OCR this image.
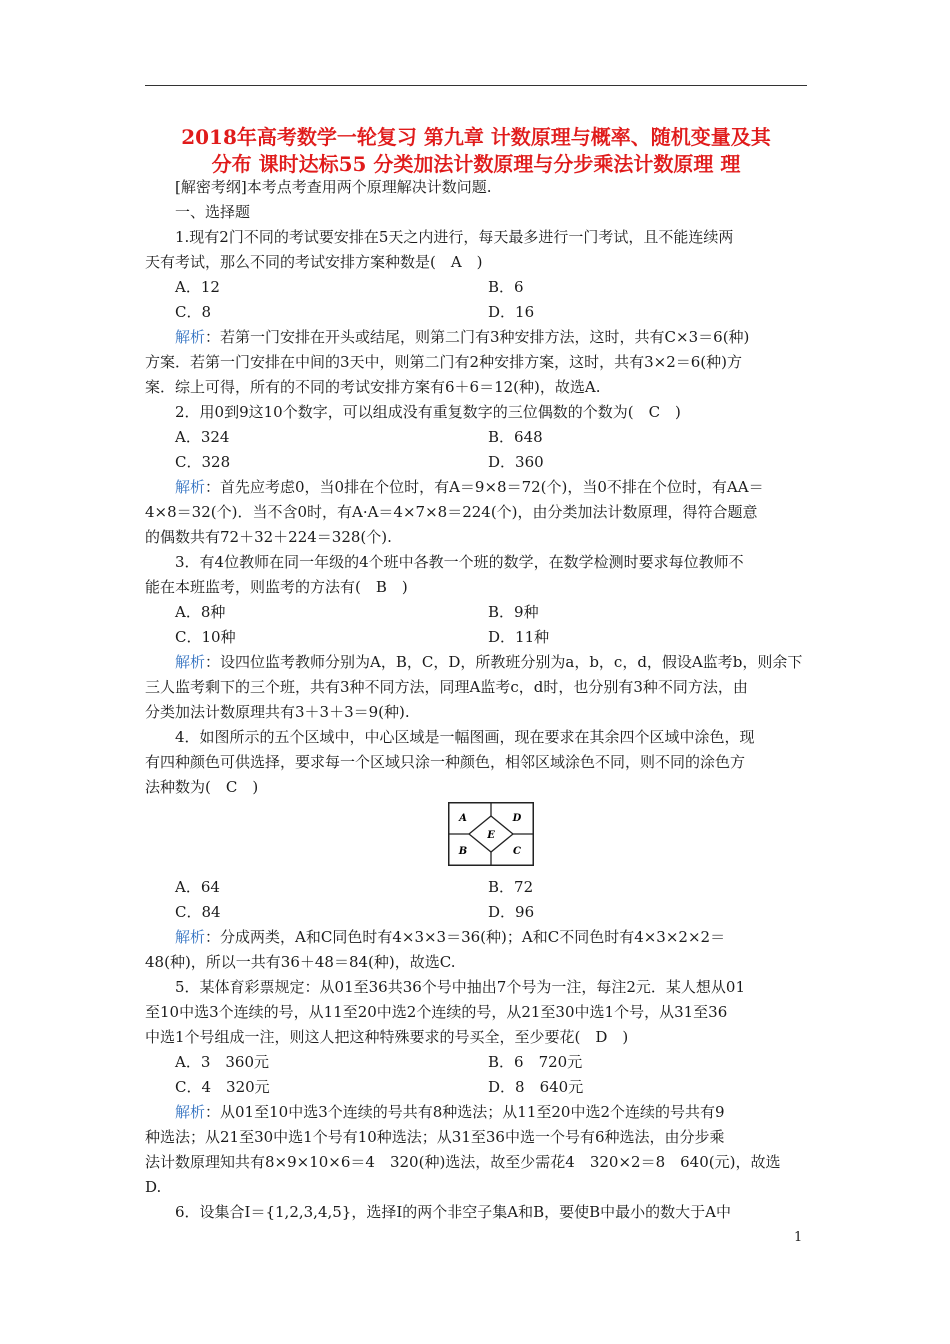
2018年高考数学一轮复习 第九章 计数原理与概率、随机变量及其
分布 课时达标55 分类加法计数原理与分步乘法计数原理 理
[解密考纲]本考点考查用两个原理解决计数问题.
一、选择题
1.现有2门不同的考试要安排在5天之内进行，每天最多进行一门考试，且不能连续两
天有考试，那么不同的考试安排方案种数是(　A　)
A．12	B．6
C．8	D．16
解析：若第一门安排在开头或结尾，则第二门有3种安排方法，这时，共有C×3＝6(种)
方案．若第一门安排在中间的3天中，则第二门有2种安排方案，这时，共有3×2＝6(种)方
案．综上可得，所有的不同的考试安排方案有6＋6＝12(种)，故选A.
2．用0到9这10个数字，可以组成没有重复数字的三位偶数的个数为(　C　)
A．324	B．648
C．328	D．360
解析：首先应考虑0，当0排在个位时，有A＝9×8＝72(个)，当0不排在个位时，有AA＝
4×8＝32(个)．当不含0时，有A·A＝4×7×8＝224(个)，由分类加法计数原理，得符合题意
的偶数共有72＋32＋224＝328(个).
3．有4位教师在同一年级的4个班中各教一个班的数学，在数学检测时要求每位教师不
能在本班监考，则监考的方法有(　B　)
A．8种	B．9种
C．10种	D．11种
解析：设四位监考教师分别为A，B，C，D，所教班分别为a，b，c，d，假设A监考b，则余下
三人监考剩下的三个班，共有3种不同方法，同理A监考c，d时，也分别有3种不同方法，由
分类加法计数原理共有3＋3＋3＝9(种).
4．如图所示的五个区域中，中心区域是一幅图画，现在要求在其余四个区域中涂色，现
有四种颜色可供选择，要求每一个区域只涂一种颜色，相邻区域涂色不同，则不同的涂色方
法种数为(　C　)
A	D
E
B	C
A．64	B．72
C．84	D．96
解析：分成两类，A和C同色时有4×3×3＝36(种)；A和C不同色时有4×3×2×2＝
48(种)，所以一共有36＋48＝84(种)，故选C.
5．某体育彩票规定：从01至36共36个号中抽出7个号为一注，每注2元．某人想从01
至10中选3个连续的号，从11至20中选2个连续的号，从21至30中选1个号，从31至36
中选1个号组成一注，则这人把这种特殊要求的号买全，至少要花(　D　)
A．3　360元	B．6　720元
C．4　320元	D．8　640元
解析：从01至10中选3个连续的号共有8种选法；从11至20中选2个连续的号共有9
种选法；从21至30中选1个号有10种选法；从31至36中选一个号有6种选法，由分步乘
法计数原理知共有8×9×10×6＝4　320(种)选法，故至少需花4　320×2＝8　640(元)，故选
D.
6．设集合I＝{1,2,3,4,5}，选择I的两个非空子集A和B，要使B中最小的数大于A中
1
